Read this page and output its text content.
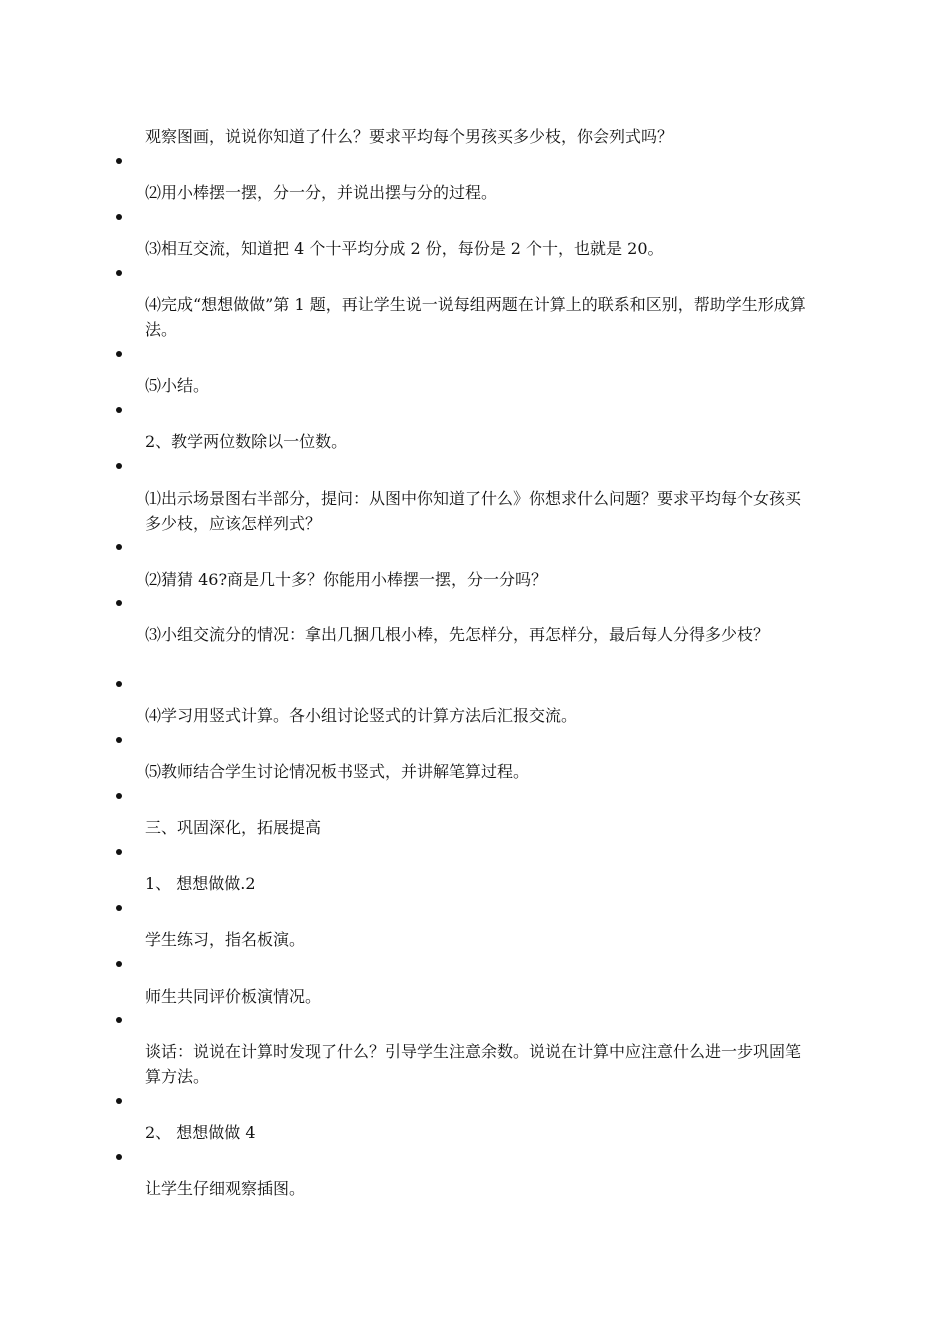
观察图画，说说你知道了什么？要求平均每个男孩买多少枝，你会列式吗？

⑵用小棒摆一摆，分一分，并说出摆与分的过程。

⑶相互交流，知道把 4 个十平均分成 2 份，每份是 2 个十，也就是 20。

⑷完成“想想做做”第 1 题，再让学生说一说每组两题在计算上的联系和区别，帮助学生形成算法。

⑸小结。

2、教学两位数除以一位数。

⑴出示场景图右半部分，提问：从图中你知道了什么》你想求什么问题？要求平均每个女孩买多少枝，应该怎样列式？

⑵猜猜 46?商是几十多？你能用小棒摆一摆，分一分吗？

⑶小组交流分的情况：拿出几捆几根小棒，先怎样分，再怎样分，最后每人分得多少枝？

⑷学习用竖式计算。各小组讨论竖式的计算方法后汇报交流。

⑸教师结合学生讨论情况板书竖式，并讲解笔算过程。

三、巩固深化，拓展提高

1、 想想做做.2

学生练习，指名板演。

师生共同评价板演情况。

谈话：说说在计算时发现了什么？引导学生注意余数。说说在计算中应注意什么进一步巩固笔算方法。

2、 想想做做 4

让学生仔细观察插图。
